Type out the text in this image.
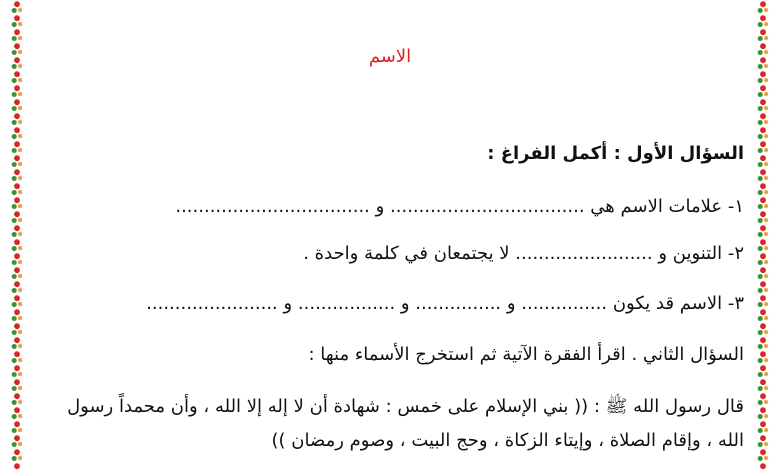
الاسم
السؤال الأول : أكمل الفراغ :
١- علامات الاسم هي .................................. و ..................................
٢- التنوين و ........................ لا يجتمعان في كلمة واحدة .
٣- الاسم قد يكون ............... و ............... و ................. و .......................
السؤال الثاني . اقرأ الفقرة الآتية ثم استخرج الأسماء منها :
قال رسول الله ﷺ : (( بني الإسلام على خمس : شهادة أن لا إله إلا الله ، وأن محمداً رسول الله ، وإقام الصلاة ، وإيتاء الزكاة ، وحج البيت ، وصوم رمضان ))
